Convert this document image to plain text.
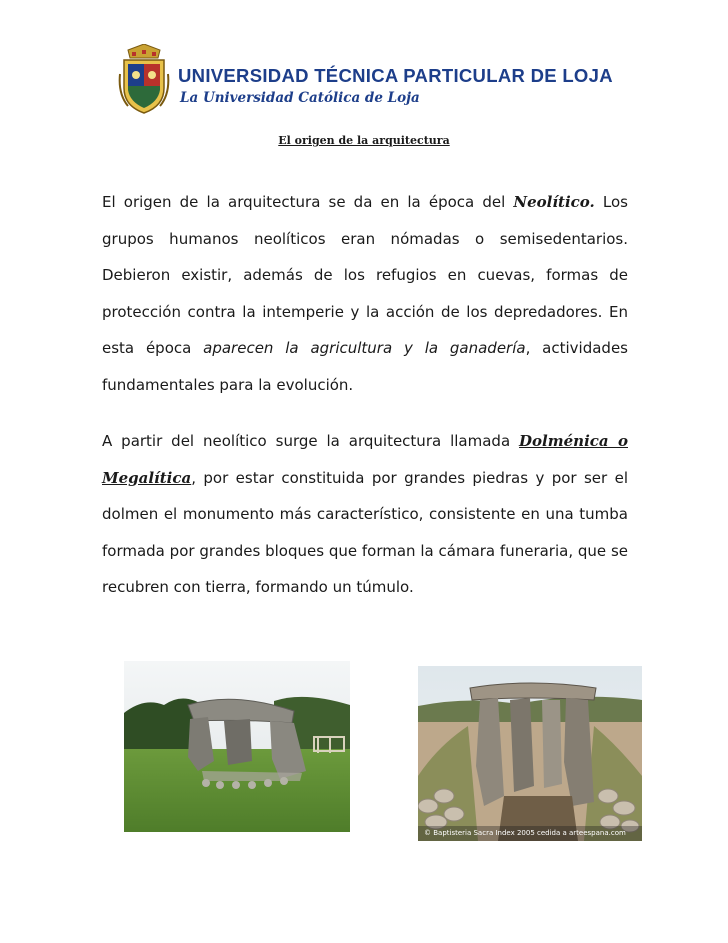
UNIVERSIDAD TÉCNICA PARTICULAR DE LOJA
La Universidad Católica de Loja
El origen de la arquitectura

El origen de la arquitectura se da en la época del Neolítico. Los grupos humanos neolíticos eran nómadas o semisedentarios. Debieron existir, además de los refugios en cuevas, formas de protección contra la intemperie y la acción de los depredadores. En esta época aparecen la agricultura y la ganadería, actividades fundamentales para la evolución.

A partir del neolítico surge la arquitectura llamada Dolménica o Megalítica, por estar constituida por grandes piedras y por ser el dolmen el monumento más característico, consistente en una tumba formada por grandes bloques que forman la cámara funeraria, que se recubren con tierra, formando un túmulo.

© Baptisteria Sacra Index 2005 cedida a arteespana.com
